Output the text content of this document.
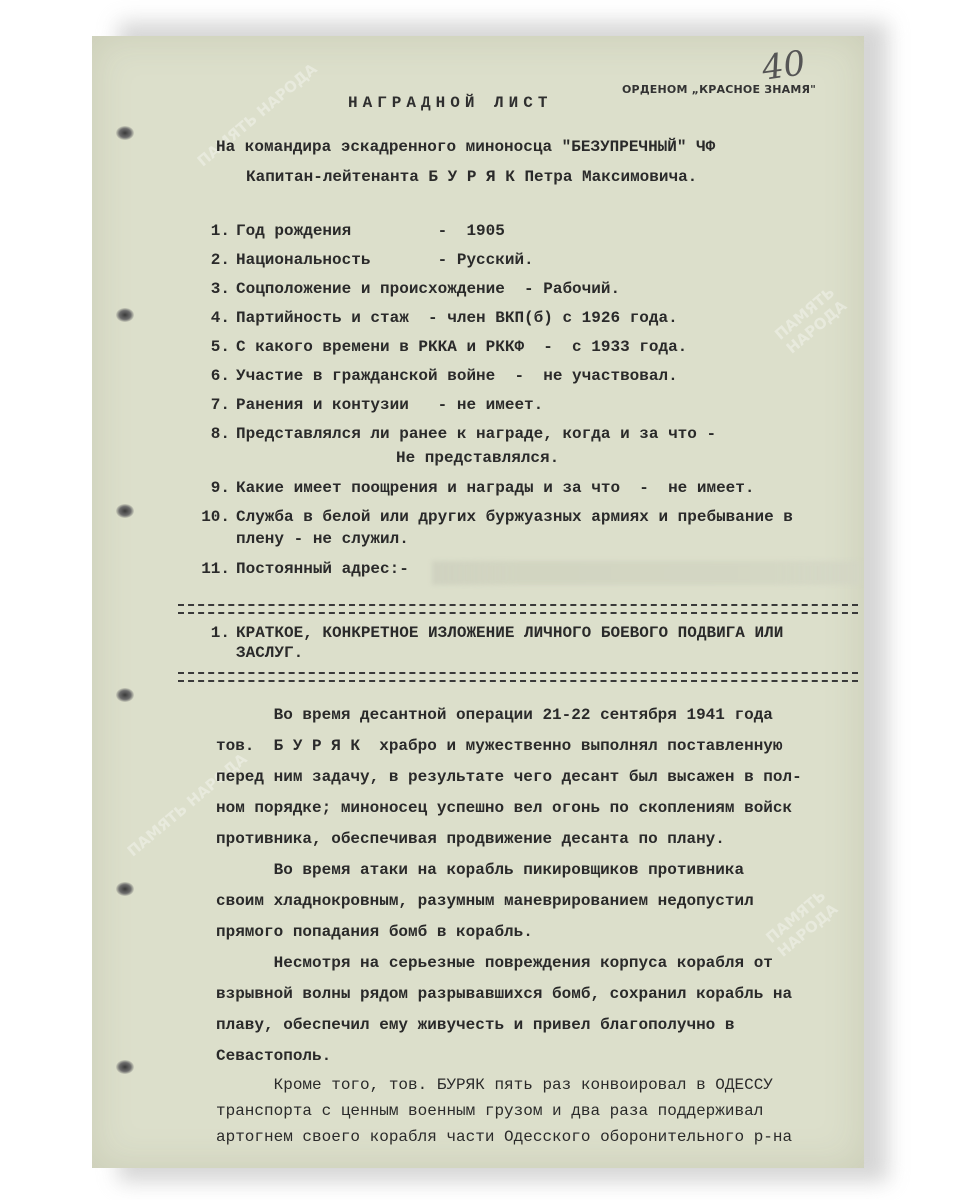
ПАМЯТЬ НАРОДА
ПАМЯТЬ НАРОДА
ПАМЯТЬ НАРОДА
ПАМЯТЬ НАРОДА
40
ОРДЕНОМ „КРАСНОЕ ЗНАМЯ"
НАГРАДНОЙ ЛИСТ
На командира эскадренного миноносца "БЕЗУПРЕЧНЫЙ" ЧФ
Капитан-лейтенанта Б У Р Я К Петра Максимовича.
1. Год рождения         -  1905
2. Национальность       - Русский.
3. Соцположение и происхождение  - Рабочий.
4. Партийность и стаж  - член ВКП(б) с 1926 года.
5. С какого времени в РККА и РККФ  -  с 1933 года.
6. Участие в гражданской войне  -  не участвовал.
7. Ранения и контузии   - не имеет.
8. Представлялся ли ранее к награде, когда и за что -
Не представлялся.
9. Какие имеет поощрения и награды и за что  -  не имеет.
10. Служба в белой или других буржуазных армиях и пребывание в
плену - не служил.
11. Постоянный адрес:-
1. КРАТКОЕ, КОНКРЕТНОЕ ИЗЛОЖЕНИЕ ЛИЧНОГО БОЕВОГО ПОДВИГА ИЛИ
ЗАСЛУГ.

Во время десантной операции 21-22 сентября 1941 года

тов.  Б У Р Я К  храбро и мужественно выполнял поставленную

перед ним задачу, в результате чего десант был высажен в пол-

ном порядке; миноносец успешно вел огонь по скоплениям войск

противника, обеспечивая продвижение десанта по плану.

Во время атаки на корабль пикировщиков противника

своим хладнокровным, разумным маневрированием недопустил

прямого попадания бомб в корабль.

Несмотря на серьезные повреждения корпуса корабля от

взрывной волны рядом разрывавшихся бомб, сохранил корабль на

плаву, обеспечил ему живучесть и привел благополучно в

Севастополь.

Кроме того, тов. БУРЯК пять раз конвоировал в ОДЕССУ

транспорта с ценным военным грузом и два раза поддерживал

артогнем своего корабля части Одесского оборонительного р-на
